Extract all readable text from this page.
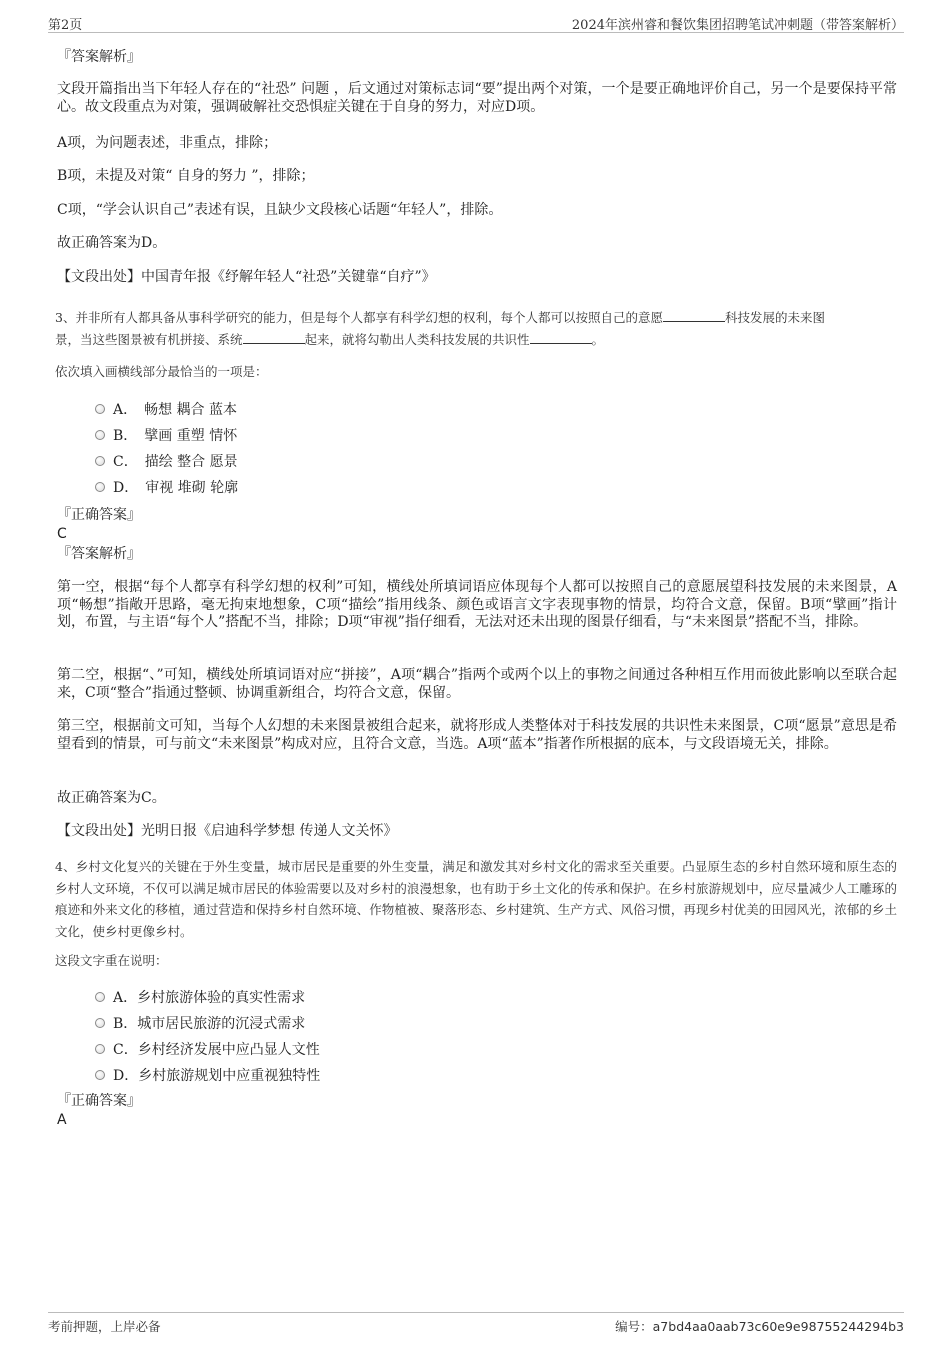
第2页	2024年滨州睿和餐饮集团招聘笔试冲刺题（带答案解析）
『答案解析』
文段开篇指出当下年轻人存在的“社恐” 问题 ，后文通过对策标志词“要”提出两个对策，一个是要正确地评价自己，另一个是要保持平常心。故文段重点为对策，强调破解社交恐惧症关键在于自身的努力，对应D项。
A项，为问题表述，非重点，排除；
B项，未提及对策“ 自身的努力 ”，排除；
C项，“学会认识自己”表述有误，且缺少文段核心话题“年轻人”，排除。
故正确答案为D。
【文段出处】中国青年报《纾解年轻人“社恐”关键靠“自疗”》
3、并非所有人都具备从事科学研究的能力，但是每个人都享有科学幻想的权利，每个人都可以按照自己的意愿	科技发展的未来图
景，当这些图景被有机拼接、系统	起来，就将勾勒出人类科技发展的共识性	。
依次填入画横线部分最恰当的一项是：
A．　畅想 耦合 蓝本
B．　擘画 重塑 情怀
C．　描绘 整合 愿景
D．　审视 堆砌 轮廓
『正确答案』
C
『答案解析』
第一空，根据“每个人都享有科学幻想的权利”可知，横线处所填词语应体现每个人都可以按照自己的意愿展望科技发展的未来图景，A项“畅想”指敞开思路，毫无拘束地想象，C项“描绘”指用线条、颜色或语言文字表现事物的情景，均符合文意，保留。B项“擘画”指计划，布置，与主语“每个人”搭配不当，排除；D项“审视”指仔细看，无法对还未出现的图景仔细看，与“未来图景”搭配不当，排除。
第二空，根据“、”可知，横线处所填词语对应“拼接”，A项“耦合”指两个或两个以上的事物之间通过各种相互作用而彼此影响以至联合起来，C项“整合”指通过整顿、协调重新组合，均符合文意，保留。
第三空，根据前文可知，当每个人幻想的未来图景被组合起来，就将形成人类整体对于科技发展的共识性未来图景，C项“愿景”意思是希望看到的情景，可与前文“未来图景”构成对应，且符合文意，当选。A项“蓝本”指著作所根据的底本，与文段语境无关，排除。
故正确答案为C。
【文段出处】光明日报《启迪科学梦想 传递人文关怀》
4、乡村文化复兴的关键在于外生变量，城市居民是重要的外生变量，满足和激发其对乡村文化的需求至关重要。凸显原生态的乡村自然环境和原生态的乡村人文环境，不仅可以满足城市居民的体验需要以及对乡村的浪漫想象，也有助于乡土文化的传承和保护。在乡村旅游规划中，应尽量减少人工雕琢的痕迹和外来文化的移植，通过营造和保持乡村自然环境、作物植被、聚落形态、乡村建筑、生产方式、风俗习惯，再现乡村优美的田园风光，浓郁的乡土文化，使乡村更像乡村。
这段文字重在说明：
A．乡村旅游体验的真实性需求
B．城市居民旅游的沉浸式需求
C．乡村经济发展中应凸显人文性
D．乡村旅游规划中应重视独特性
『正确答案』
A
考前押题，上岸必备	编号：a7bd4aa0aab73c60e9e98755244294b3
